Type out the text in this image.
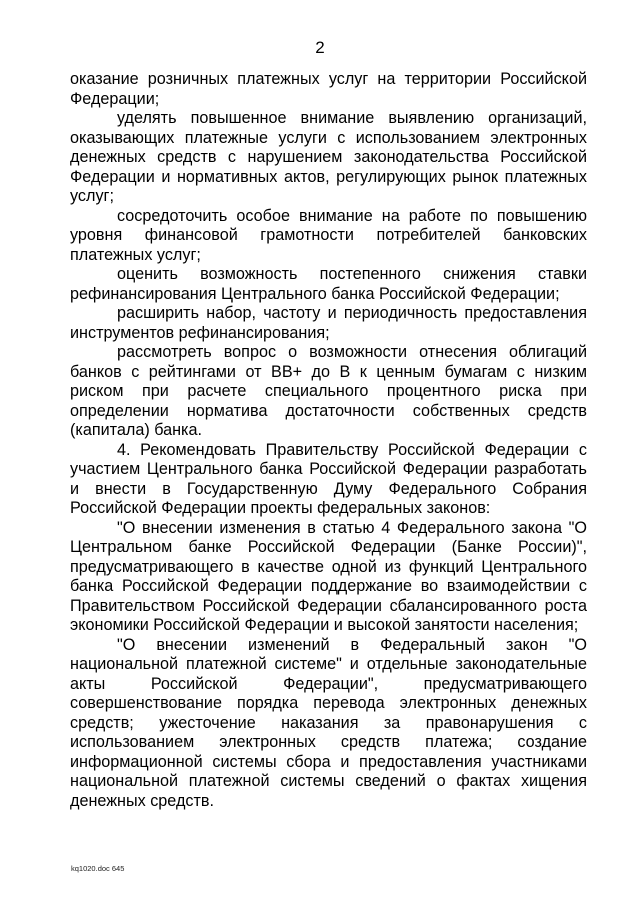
2

оказание розничных платежных услуг на территории Российской Федерации;

уделять повышенное внимание выявлению организаций, оказывающих платежные услуги с использованием электронных денежных средств с нарушением законодательства Российской Федерации и нормативных актов, регулирующих рынок платежных услуг;

сосредоточить особое внимание на работе по повышению уровня финансовой грамотности потребителей банковских платежных услуг;

оценить возможность постепенного снижения ставки рефинансирования Центрального банка Российской Федерации;

расширить набор, частоту и периодичность предоставления инструментов рефинансирования;

рассмотреть вопрос о возможности отнесения облигаций банков с рейтингами от BB+ до B к ценным бумагам с низким риском при расчете специального процентного риска при определении норматива достаточности собственных средств (капитала) банка.

4. Рекомендовать Правительству Российской Федерации с участием Центрального банка Российской Федерации разработать и внести в Государственную Думу Федерального Собрания Российской Федерации проекты федеральных законов:

"О внесении изменения в статью 4 Федерального закона "О Центральном банке Российской Федерации (Банке России)", предусматривающего в качестве одной из функций Центрального банка Российской Федерации поддержание во взаимодействии с Правительством Российской Федерации сбалансированного роста экономики Российской Федерации и высокой занятости населения;

"О внесении изменений в Федеральный закон "О национальной платежной системе" и отдельные законодательные акты Российской Федерации", предусматривающего совершенствование порядка перевода электронных денежных средств; ужесточение наказания за правонарушения с использованием электронных средств платежа; создание информационной системы сбора и предоставления участниками национальной платежной системы сведений о фактах хищения денежных средств.

kq1020.doc 645
